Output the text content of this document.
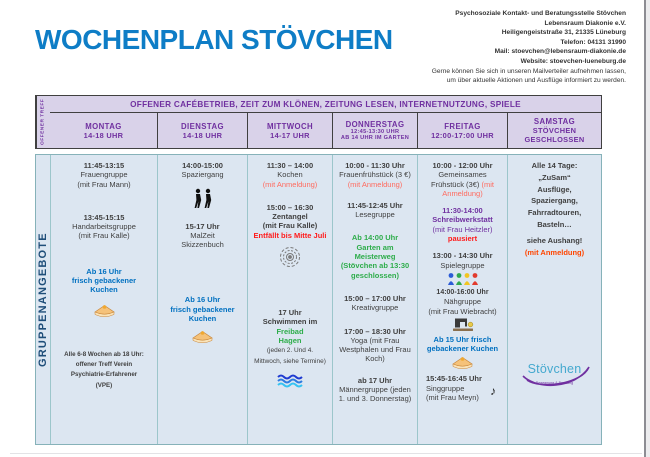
WOCHENPLAN STÖVCHEN
Psychosoziale Kontakt- und Beratungsstelle Stövchen
Lebensraum Diakonie e.V.
Heiligengeiststraße 31, 21335 Lüneburg
Telefon: 04131 31990
Mail: stoevchen@lebensraum-diakonie.de
Website: stoevchen-lueneburg.de
Gerne können Sie sich in unseren Mailverteiler aufnehmen lassen,
um über aktuelle Aktionen und Ausflüge informiert zu werden.
OFFENER TREFF	OFFENER CAFÉBETRIEB, ZEIT ZUM KLÖNEN, ZEITUNG LESEN, INTERNETNUTZUNG, SPIELE
MONTAG
14-18 UHR
DIENSTAG
14-18 UHR
MITTWOCH
14-17 UHR
DONNERSTAG
12:45-13:30 UHR
AB 14 UHR IM GARTEN
FREITAG
12:00-17:00 UHR
SAMSTAG
STÖVCHEN
GESCHLOSSEN
GRUPPENANGEBOTE
11:45-13:15
Frauengruppe
(mit Frau Mann)
13:45-15:15
Handarbeitsgruppe
(mit Frau Kalle)
Ab 16 Uhr
frisch gebackener
Kuchen
Alle 6-8 Wochen ab 18 Uhr:
offener Treff Verein
Psychiatrie-Erfahrener
(VPE)
14:00-15:00
Spaziergang
15-17 Uhr
MalZeit
Skizzenbuch
Ab 16 Uhr
frisch gebackener
Kuchen
11:30 – 14:00
Kochen
(mit Anmeldung)
15:00 – 16:30
Zentangel
(mit Frau Kalle)
Entfällt bis Mitte Juli
17 Uhr
Schwimmen im Freibad
Hagen
(jeden 2. Und 4.
Mittwoch, siehe Termine)
10:00 - 11:30 Uhr
Frauenfrühstück (3 €)
(mit Anmeldung)
11:45-12:45 Uhr
Lesegruppe
Ab 14:00 Uhr
Garten am
Meisterweg
(Stövchen ab 13:30
geschlossen)
15:00 – 17:00 Uhr
Kreativgruppe
17:00 – 18:30 Uhr
Yoga (mit Frau
Westphalen und Frau
Koch)
ab 17 Uhr
Männergruppe (jeden
1. und 3. Donnerstag)
10:00 - 12:00 Uhr
Gemeinsames
Frühstück (3€) (mit
Anmeldung)
11:30-14:00
Schreibwerkstatt
(mit Frau Heitzler)
pausiert
13:00 - 14:30 Uhr
Spielegruppe
14:00-16:00 Uhr
Nähgruppe
(mit Frau Wiebracht)
Ab 15 Uhr frisch
gebackener Kuchen
15:45-16:45 Uhr
Singgruppe
(mit Frau Meyn) ♪
Alle 14 Tage:
„ZuSam“
Ausflüge,
Spaziergang,
Fahrradtouren,
Basteln…
siehe Aushang!
(mit Anmeldung)
Stövchen
Begegnung & Beratung
